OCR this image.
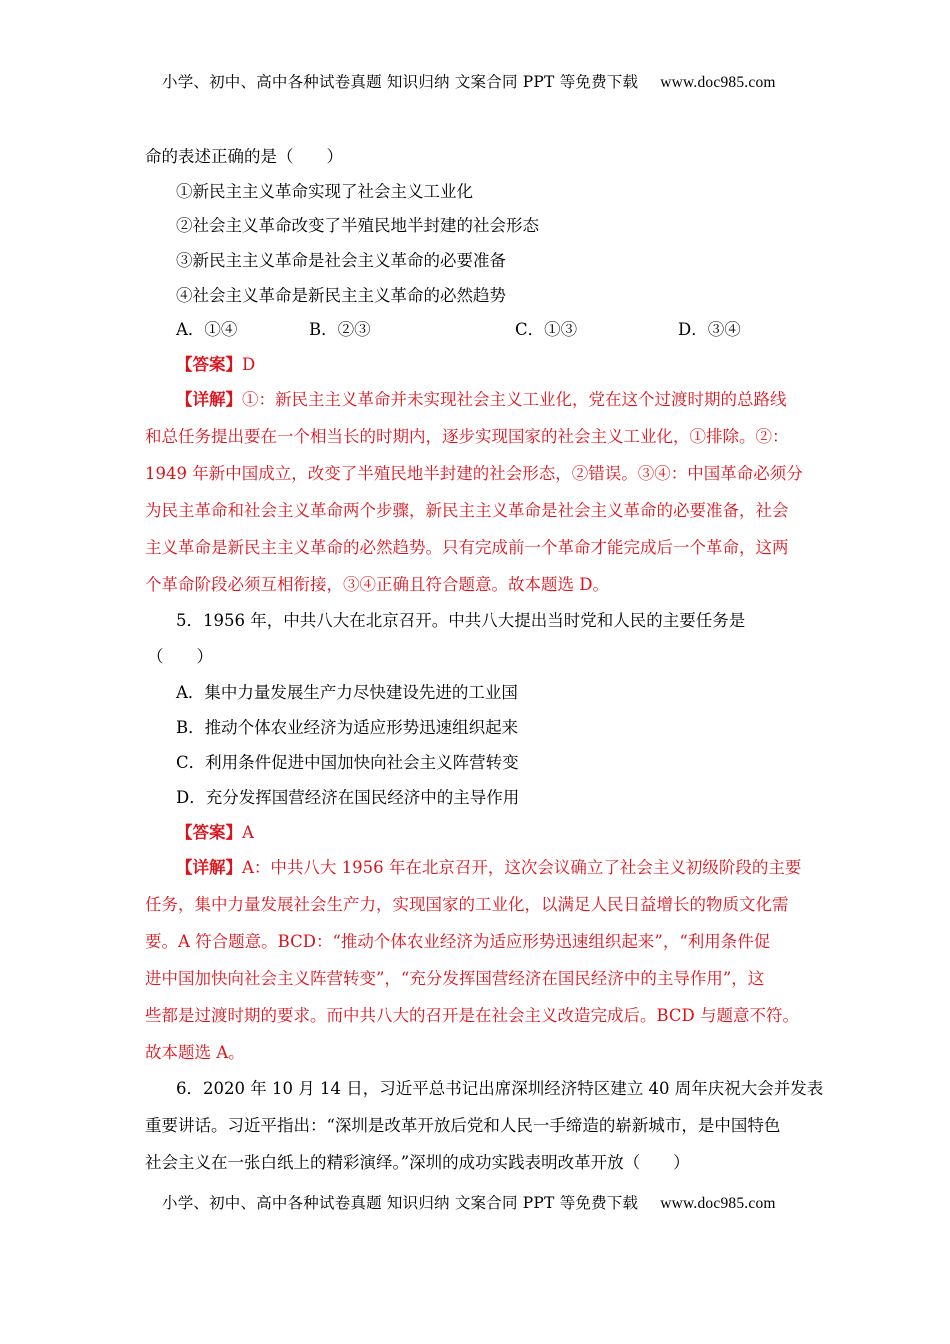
小学、初中、高中各种试卷真题 知识归纳 文案合同 PPT 等免费下载 www.doc985.com
命的表述正确的是（　　）
①新民主主义革命实现了社会主义工业化
②社会主义革命改变了半殖民地半封建的社会形态
③新民主主义革命是社会主义革命的必要准备
④社会主义革命是新民主主义革命的必然趋势
A．①④	B．②③	C．①③	D．③④
【答案】D
【详解】①：新民主主义革命并未实现社会主义工业化，党在这个过渡时期的总路线
和总任务提出要在一个相当长的时期内，逐步实现国家的社会主义工业化，①排除。②：
1949 年新中国成立，改变了半殖民地半封建的社会形态，②错误。③④：中国革命必须分
为民主革命和社会主义革命两个步骤，新民主主义革命是社会主义革命的必要准备，社会
主义革命是新民主主义革命的必然趋势。只有完成前一个革命才能完成后一个革命，这两
个革命阶段必须互相衔接，③④正确且符合题意。故本题选 D。
5．1956 年，中共八大在北京召开。中共八大提出当时党和人民的主要任务是
（　　）
A．集中力量发展生产力尽快建设先进的工业国
B．推动个体农业经济为适应形势迅速组织起来
C．利用条件促进中国加快向社会主义阵营转变
D．充分发挥国营经济在国民经济中的主导作用
【答案】A
【详解】A：中共八大 1956 年在北京召开，这次会议确立了社会主义初级阶段的主要
任务，集中力量发展社会生产力，实现国家的工业化，以满足人民日益增长的物质文化需
要。A 符合题意。BCD：“推动个体农业经济为适应形势迅速组织起来”，“利用条件促
进中国加快向社会主义阵营转变”，“充分发挥国营经济在国民经济中的主导作用”，这
些都是过渡时期的要求。而中共八大的召开是在社会主义改造完成后。BCD 与题意不符。
故本题选 A。
6．2020 年 10 月 14 日，习近平总书记出席深圳经济特区建立 40 周年庆祝大会并发表
重要讲话。习近平指出：“深圳是改革开放后党和人民一手缔造的崭新城市，是中国特色
社会主义在一张白纸上的精彩演绎。”深圳的成功实践表明改革开放（　　）
小学、初中、高中各种试卷真题 知识归纳 文案合同 PPT 等免费下载 www.doc985.com
